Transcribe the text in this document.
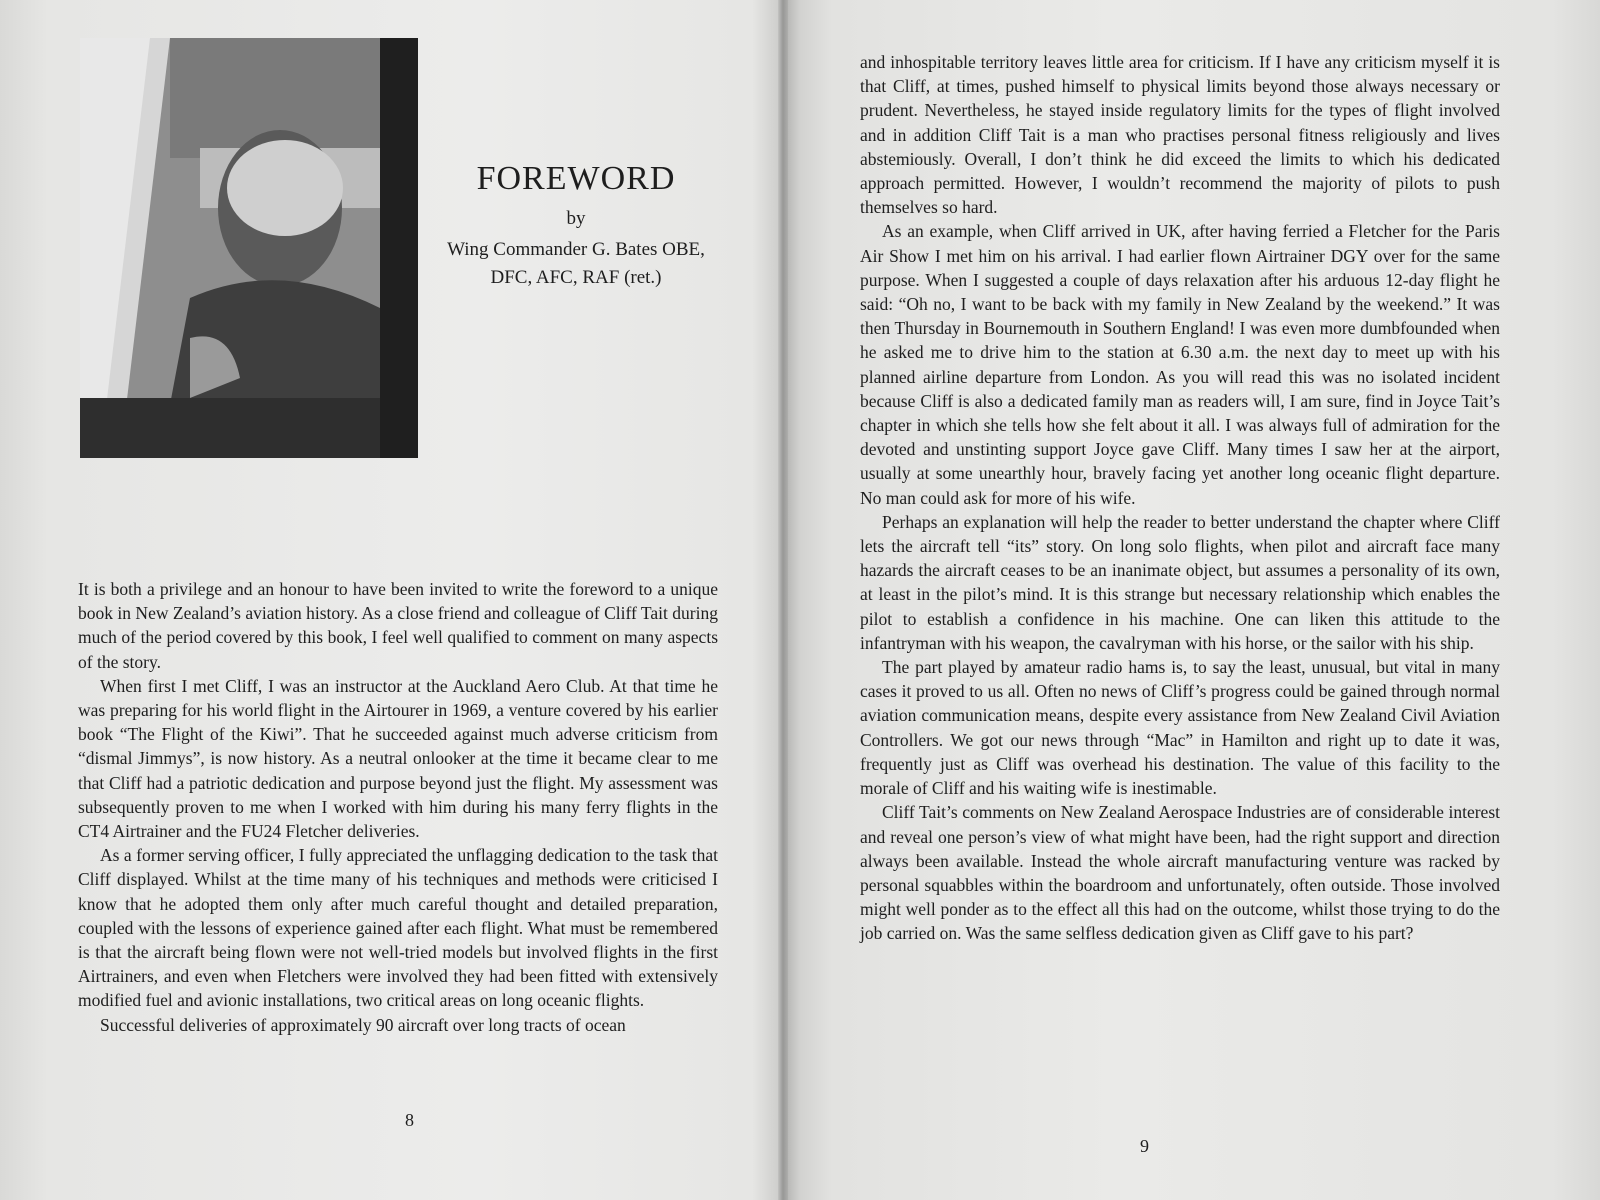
FOREWORD
by
Wing Commander G. Bates OBE,
DFC, AFC, RAF (ret.)

It is both a privilege and an honour to have been invited to write the foreword to a unique book in New Zealand’s aviation history. As a close friend and colleague of Cliff Tait during much of the period covered by this book, I feel well qualified to comment on many aspects of the story.

When first I met Cliff, I was an instructor at the Auckland Aero Club. At that time he was preparing for his world flight in the Airtourer in 1969, a venture covered by his earlier book “The Flight of the Kiwi”. That he succeeded against much adverse criticism from “dismal Jimmys”, is now history. As a neutral onlooker at the time it became clear to me that Cliff had a patriotic dedication and purpose beyond just the flight. My assessment was subsequently proven to me when I worked with him during his many ferry flights in the CT4 Airtrainer and the FU24 Fletcher deliveries.

As a former serving officer, I fully appreciated the unflagging dedication to the task that Cliff displayed. Whilst at the time many of his techniques and methods were criticised I know that he adopted them only after much careful thought and detailed preparation, coupled with the lessons of experience gained after each flight. What must be remembered is that the aircraft being flown were not well-tried models but involved flights in the first Airtrainers, and even when Fletchers were involved they had been fitted with extensively modified fuel and avionic installations, two critical areas on long oceanic flights.

Successful deliveries of approximately 90 aircraft over long tracts of ocean

8

and inhospitable territory leaves little area for criticism. If I have any criticism myself it is that Cliff, at times, pushed himself to physical limits beyond those always necessary or prudent. Nevertheless, he stayed inside regulatory limits for the types of flight involved and in addition Cliff Tait is a man who practises personal fitness religiously and lives abstemiously. Overall, I don’t think he did exceed the limits to which his dedicated approach permitted. However, I wouldn’t recommend the majority of pilots to push themselves so hard.

As an example, when Cliff arrived in UK, after having ferried a Fletcher for the Paris Air Show I met him on his arrival. I had earlier flown Airtrainer DGY over for the same purpose. When I suggested a couple of days relaxation after his arduous 12-day flight he said: “Oh no, I want to be back with my family in New Zealand by the weekend.” It was then Thursday in Bournemouth in Southern England! I was even more dumbfounded when he asked me to drive him to the station at 6.30 a.m. the next day to meet up with his planned airline departure from London. As you will read this was no isolated incident because Cliff is also a dedicated family man as readers will, I am sure, find in Joyce Tait’s chapter in which she tells how she felt about it all. I was always full of admiration for the devoted and unstinting support Joyce gave Cliff. Many times I saw her at the airport, usually at some unearthly hour, bravely facing yet another long oceanic flight departure. No man could ask for more of his wife.

Perhaps an explanation will help the reader to better understand the chapter where Cliff lets the aircraft tell “its” story. On long solo flights, when pilot and aircraft face many hazards the aircraft ceases to be an inanimate object, but assumes a personality of its own, at least in the pilot’s mind. It is this strange but necessary relationship which enables the pilot to establish a confidence in his machine. One can liken this attitude to the infantryman with his weapon, the cavalryman with his horse, or the sailor with his ship.

The part played by amateur radio hams is, to say the least, unusual, but vital in many cases it proved to us all. Often no news of Cliff’s progress could be gained through normal aviation communication means, despite every assistance from New Zealand Civil Aviation Controllers. We got our news through “Mac” in Hamilton and right up to date it was, frequently just as Cliff was overhead his destination. The value of this facility to the morale of Cliff and his waiting wife is inestimable.

Cliff Tait’s comments on New Zealand Aerospace Industries are of considerable interest and reveal one person’s view of what might have been, had the right support and direction always been available. Instead the whole aircraft manufacturing venture was racked by personal squabbles within the boardroom and unfortunately, often outside. Those involved might well ponder as to the effect all this had on the outcome, whilst those trying to do the job carried on. Was the same selfless dedication given as Cliff gave to his part?

9
